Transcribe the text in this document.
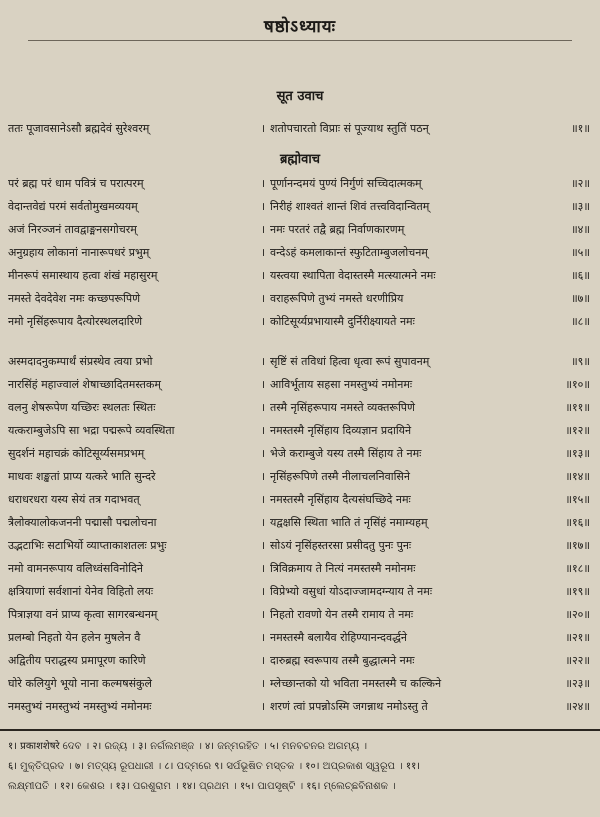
षष्ठोऽध्यायः
सूत उवाच
ततः पूजावसानेऽसौ ब्रह्मदेवं सुरेश्वरम्	। शतोपचारतो विप्राः सं पूज्याथ स्तुतिं पठन्	॥१॥
ब्रह्मोवाच
परं ब्रह्म परं धाम पवित्रं च परात्परम्	। पूर्णानन्दमयं पुण्यं निर्गुणं सच्चिदात्मकम्	॥२॥
वेदान्तवेद्यं परमं सर्वतोमुखमव्ययम्	। निरीहं शाश्वतं शान्तं शिवं तत्त्वविदान्वितम्	॥३॥
अजं निरञ्जनं तावद्वाङ्मनसगोचरम्	। नमः परतरं तद्वै ब्रह्म निर्वाणकारणम्	॥४॥
अनुग्रहाय लोकानां नानारूपधरं प्रभुम्	। वन्देऽहं कमलाकान्तं स्फुटिताम्बुजलोचनम्	॥५॥
मीनरूपं समास्थाय हत्वा शंखं महासुरम्	। यस्त्वया स्थापिता वेदास्तस्मै मत्स्यात्मने नमः	॥६॥
नमस्ते देवदेवेश नमः कच्छपरूपिणे	। वराहरूपिणे तुभ्यं नमस्ते धरणीप्रिय	॥७॥
नमो नृसिंहरूपाय दैत्योरस्थलदारिणे	। कोटिसूर्य्यप्रभायास्मै दुर्निरीक्ष्यायते नमः	॥८॥
अस्मदादनुकम्पार्थं संप्रस्थेव त्वया प्रभो	। सृष्टिं सं तविधां हित्वा धृत्वा रूपं सुपावनम्	॥९॥
नारसिंहं महाज्वालं शेषाच्छादितमस्तकम्	। आविर्भूताय सहसा नमस्तुभ्यं नमोनमः	॥१०॥
वलनु शेषरूपेण यच्छिरः स्थलतः स्थितः	। तस्मै नृसिंहरूपाय नमस्ते व्यक्तरूपिणे	॥११॥
यत्कराम्बुजेऽपि सा भद्रा पद्मरूपे व्यवस्थिता	। नमस्तस्मै नृसिंहाय दिव्यज्ञान प्रदायिने	॥१२॥
सुदर्शनं महाचक्रं कोटिसूर्य्यसमप्रभम्	। भेजे कराम्बुजे यस्य तस्मै सिंहाय ते नमः	॥१३॥
माधवः शङ्खतां प्राप्य यत्करे भाति सुन्दरे	। नृसिंहरूपिणे तस्मै नीलाचलनिवासिने	॥१४॥
धराधरधरा यस्य सेयं तत्र गदाभवत्	। नमस्तस्मै नृसिंहाय दैत्यसंघच्छिदे नमः	॥१५॥
त्रैलोक्यालोकजननी पद्मासौ पद्मलोचना	। यद्वक्षसि स्थिता भाति तं नृसिंहं नमाम्यहम्	॥१६॥
उद्भटाभिः सटाभिर्यो व्याप्ताकाशतलः प्रभुः	। सोऽयं नृसिंहस्तरसा प्रसीदतु पुनः पुनः	॥१७॥
नमो वामनरूपाय वलिध्वंसविनोदिने	। त्रिविक्रमाय ते नित्यं नमस्तस्मै नमोनमः	॥१८॥
क्षत्रियाणां सर्वशानां येनेव विहितो लयः	। विप्रेभ्यो वसुधां योऽदाज्जामदग्न्याय ते नमः	॥१९॥
पित्राज्ञया वनं प्राप्य कृत्वा सागरबन्धनम्	। निहतो रावणो येन तस्मै रामाय ते नमः	॥२०॥
प्रलम्बो निहतो येन हलेन मुषलेन वै	। नमस्तस्मै बलायैव रोहिण्यानन्दवर्द्धने	॥२१॥
अद्वितीय पराद्धस्य प्रमापूरण कारिणे	। दारुब्रह्म स्वरूपाय तस्मै बुद्धात्मने नमः	॥२२॥
घोरे कलियुगे भूयो नाना कल्मषसंकुले	। म्लेच्छान्तको यो भविता नमस्तस्मै च कल्किने	॥२३॥
नमस्तुभ्यं नमस्तुभ्यं नमस्तुभ्यं नमोनमः	। शरणं त्वां प्रपन्नोऽस्मि जगन्नाथ नमोऽस्तु ते	॥२४॥
१। प्रकाशशेषरे ଦେବ । २। ରଜ୍ୟ । ३। ନର୍ଗଲମଞ୍ଜ । ४। ଜନ୍ମରହିତ । ५। ମନବଚନର ଅଗମ୍ୟ ।
६। ମୁକ୍ତିପ୍ରଦ । ७। ମତ୍ସ୍ୟ ରୂପଧାରୀ । ८। ପଦ୍ମରେ ९। ସର୍ପଭୂଷିତ ମସ୍ତକ । १०। ଅପ୍ରକାଶ ସ୍ୱରୂପ । ११।
ଲକ୍ଷ୍ମୀପତି । १२। କେଶର । १३। ପରଶୁରାମ । १४। ପ୍ରଥମ । १५। ପାପସୃଷ୍ଟି । १६। ମ୍ଲେଚ୍ଛବିନାଶକ ।
